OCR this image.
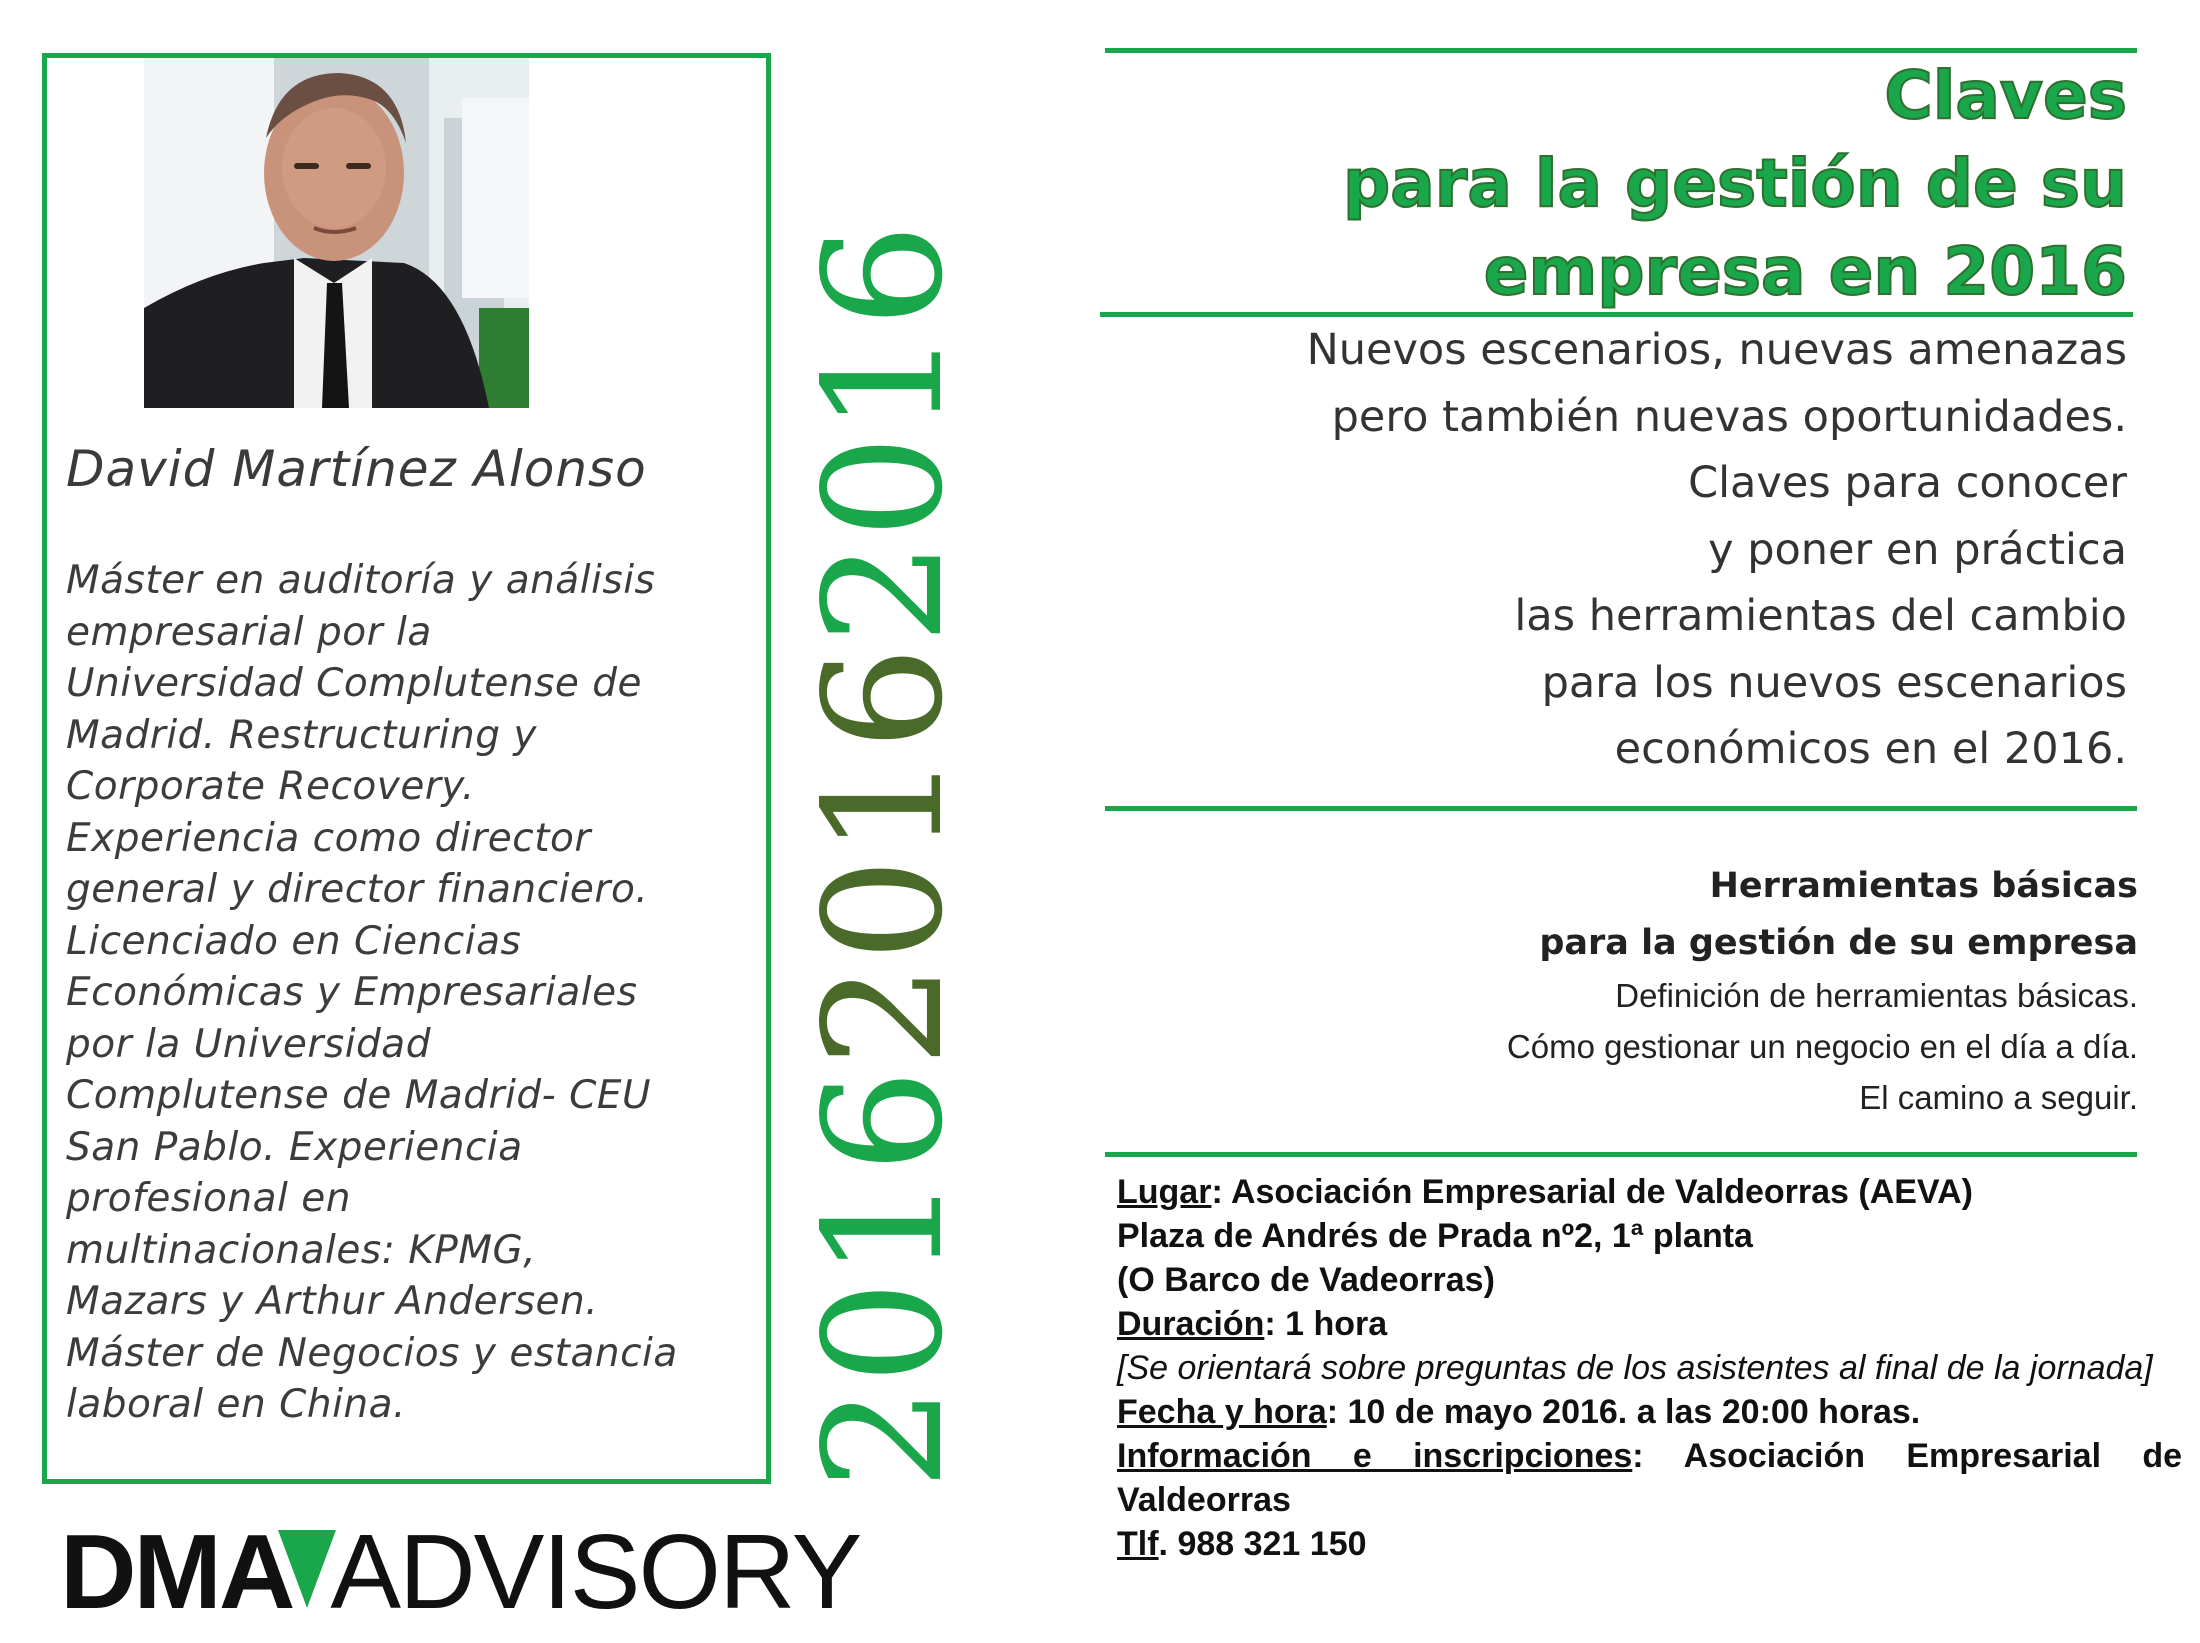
David Martínez Alonso
Máster en auditoría y análisis
empresarial por la
Universidad Complutense de
Madrid. Restructuring y
Corporate Recovery.
Experiencia como director
general y director financiero.
Licenciado en Ciencias
Económicas y Empresariales
por la Universidad
Complutense de Madrid- CEU
San Pablo. Experiencia
profesional en
multinacionales: KPMG,
Mazars y Arthur Andersen.
Máster de Negocios y estancia
laboral en China.	201620162016
DMA ADVISORY
Claves
para la gestión de su
empresa en 2016
Nuevos escenarios, nuevas amenazas
pero también nuevas oportunidades.
Claves para conocer
y poner en práctica
las herramientas del cambio
para los nuevos escenarios
económicos en el 2016.
Herramientas básicas
para la gestión de su empresa
Definición de herramientas básicas.
Cómo gestionar un negocio en el día a día.
El camino a seguir.
Lugar: Asociación Empresarial de Valdeorras (AEVA)
Plaza de Andrés de Prada nº2, 1ª planta
(O Barco de Vadeorras)
Duración: 1 hora
[Se orientará sobre preguntas de los asistentes al final de la jornada]
Fecha y hora: 10 de mayo 2016. a las 20:00 horas.
Información e inscripciones: Asociación Empresarial de Valdeorras
Tlf. 988 321 150
